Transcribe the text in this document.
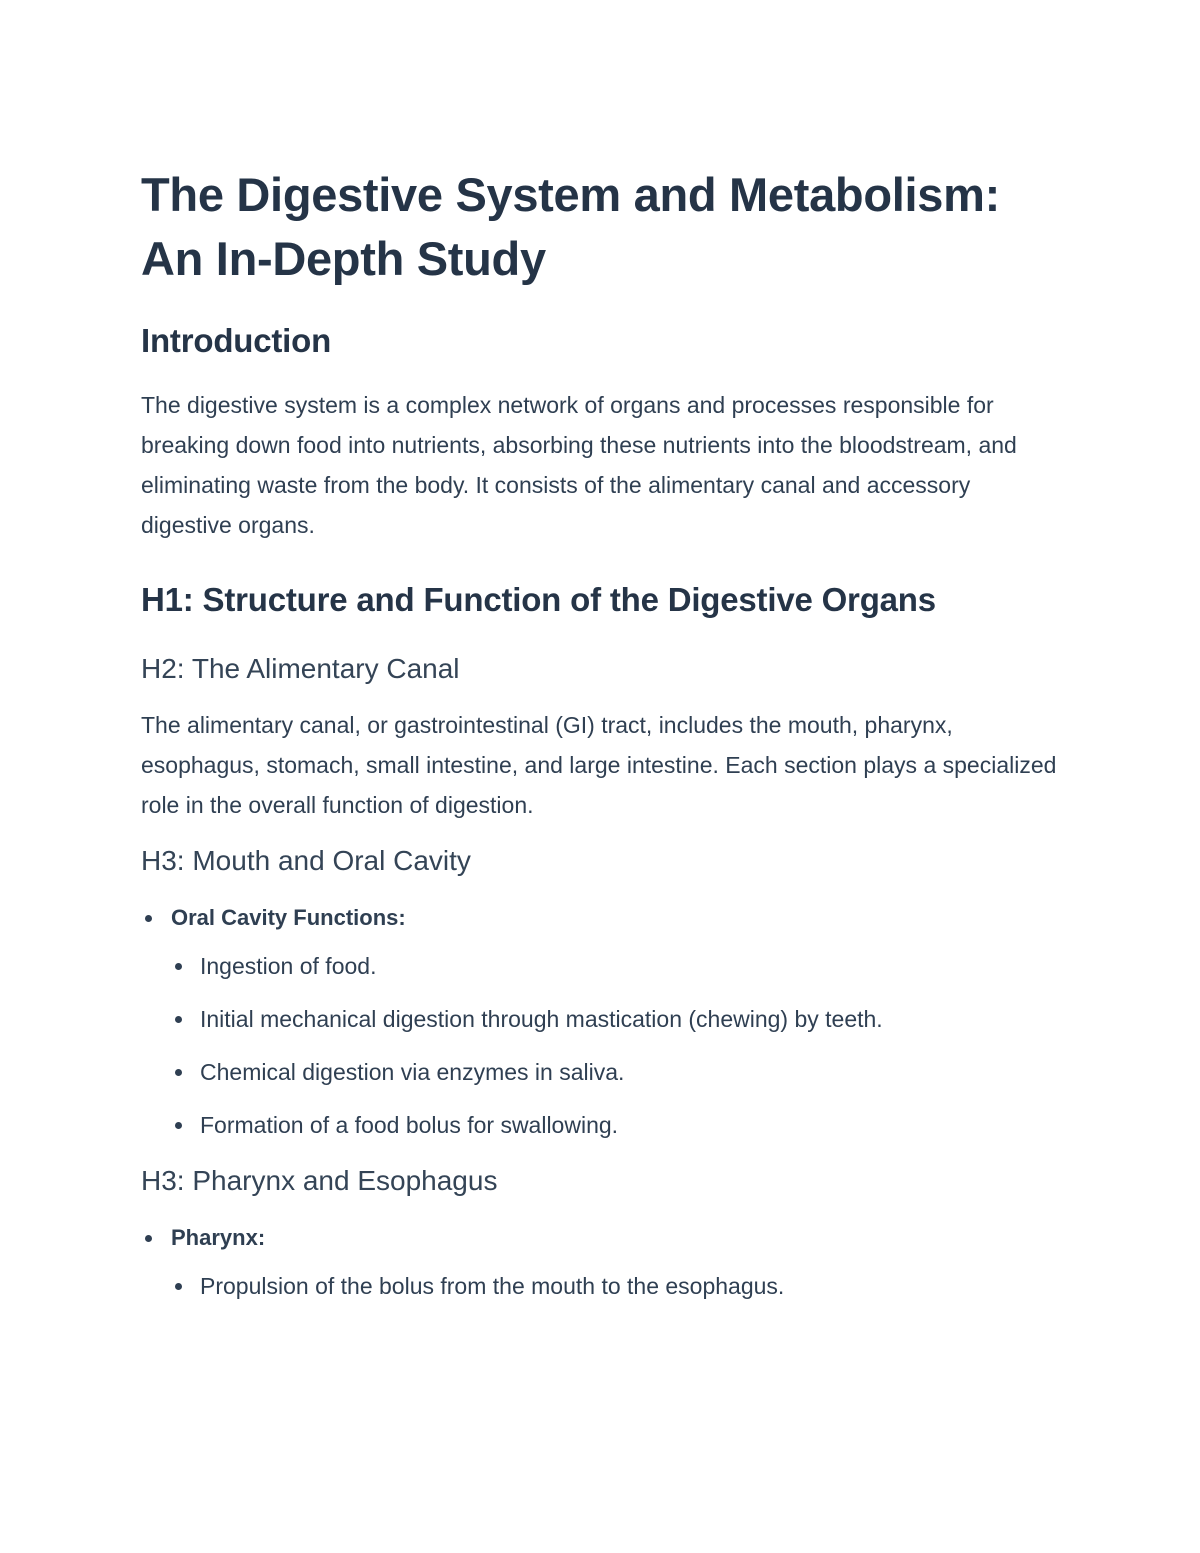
The Digestive System and Metabolism: An In-Depth Study
Introduction

The digestive system is a complex network of organs and processes responsible for breaking down food into nutrients, absorbing these nutrients into the bloodstream, and eliminating waste from the body. It consists of the alimentary canal and accessory digestive organs.

H1: Structure and Function of the Digestive Organs
H2: The Alimentary Canal

The alimentary canal, or gastrointestinal (GI) tract, includes the mouth, pharynx, esophagus, stomach, small intestine, and large intestine. Each section plays a specialized role in the overall function of digestion.

H3: Mouth and Oral Cavity
Oral Cavity Functions:
Ingestion of food.
Initial mechanical digestion through mastication (chewing) by teeth.
Chemical digestion via enzymes in saliva.
Formation of a food bolus for swallowing.
H3: Pharynx and Esophagus
Pharynx:
Propulsion of the bolus from the mouth to the esophagus.
